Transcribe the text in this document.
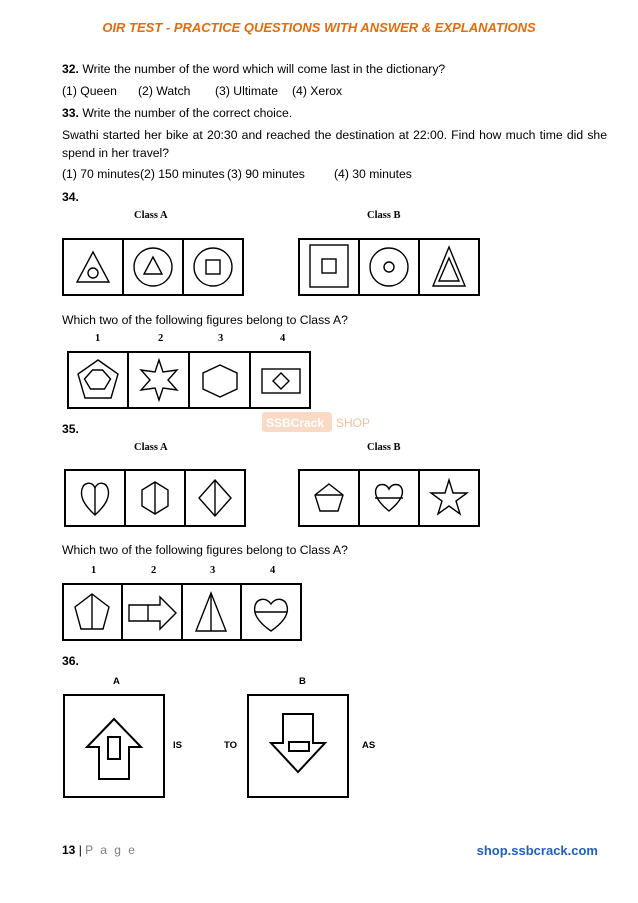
OIR TEST - PRACTICE QUESTIONS WITH ANSWER & EXPLANATIONS
32. Write the number of the word which will come last in the dictionary?
(1) Queen (2) Watch (3) Ultimate (4) Xerox
33. Write the number of the correct choice.
Swathi started her bike at 20:30 and reached the destination at 22:00. Find how much time did she spend in her travel?
(1) 70 minutes (2) 150 minutes (3) 90 minutes (4) 30 minutes
34.
Class A	Class B
Which two of the following figures belong to Class A?
1	2	3	4
SSBCrack SHOP
35.
Class A	Class B
Which two of the following figures belong to Class A?
1	2	3	4
36.
A	B
IS	TO	AS
13 | P a g e	shop.ssbcrack.com
